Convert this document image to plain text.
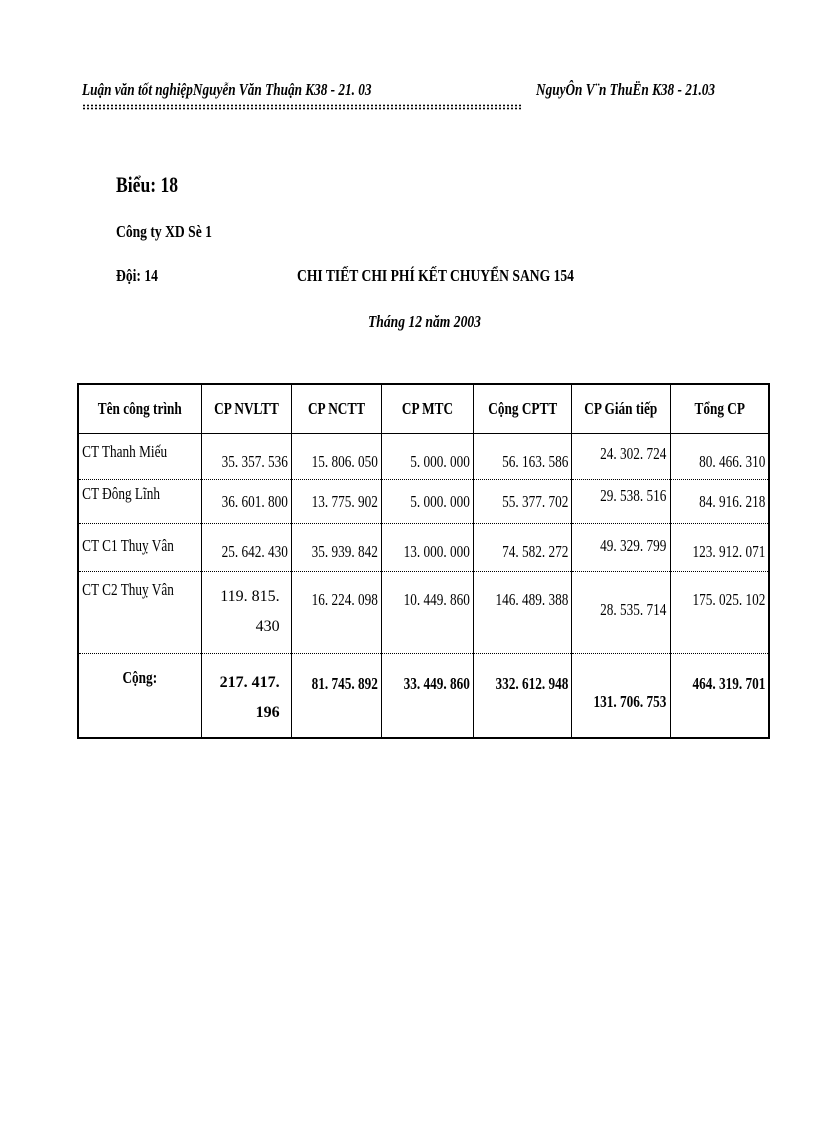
Luận văn tốt nghiệpNguyễn Văn Thuận K38 - 21. 03	NguyÔn V¨n ThuËn K38 - 21.03
Biểu: 18
Công ty XD Sè 1
Đội: 14	CHI TIẾT CHI PHÍ KẾT CHUYỂN SANG 154
Tháng 12 năm 2003
Tên công trình	CP NVLTT	CP NCTT	CP MTC	Cộng CPTT	CP Gián tiếp	Tổng CP

CT Thanh Miếu	35. 357. 536	15. 806. 050	5. 000. 000	56. 163. 586	24. 302. 724	80. 466. 310

CT Đông Lĩnh	36. 601. 800	13. 775. 902	5. 000. 000	55. 377. 702	29. 538. 516	84. 916. 218

CT C1 Thuỵ Vân	25. 642. 430	35. 939. 842	13. 000. 000	74. 582. 272	49. 329. 799	123. 912. 071

CT C2 Thuỵ Vân	119. 815. 430	16. 224. 098	10. 449. 860	146. 489. 388	28. 535. 714	175. 025. 102

Cộng:	217. 417. 196	81. 745. 892	33. 449. 860	332. 612. 948	131. 706. 753	464. 319. 701
